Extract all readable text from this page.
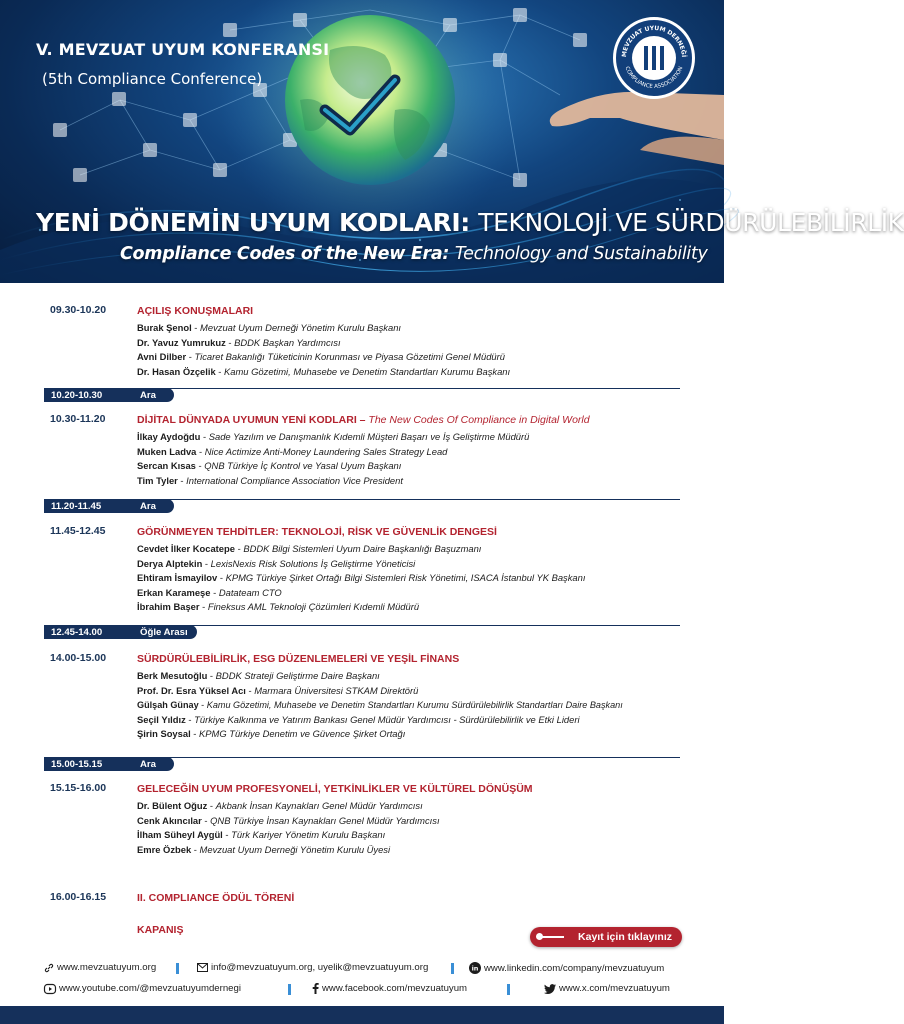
V. MEVZUAT UYUM KONFERANSI
(5th Compliance Conference)
MEVZUAT UYUM DERNEĞİ
COMPLIANCE ASSOCIATION
YENİ DÖNEMİN UYUM KODLARI: TEKNOLOJİ VE SÜRDÜRÜLEBİLİRLİK
Compliance Codes of the New Era: Technology and Sustainability
09.30-10.20	AÇILIŞ KONUŞMALARI
Burak Şenol - Mevzuat Uyum Derneği Yönetim Kurulu Başkanı
Dr. Yavuz Yumrukuz - BDDK Başkan Yardımcısı
Avni Dilber - Ticaret Bakanlığı Tüketicinin Korunması ve Piyasa Gözetimi Genel Müdürü
Dr. Hasan Özçelik - Kamu Gözetimi, Muhasebe ve Denetim Standartları Kurumu Başkanı
10.20-10.30	Ara
10.30-11.20	DİJİTAL DÜNYADA UYUMUN YENİ KODLARI – The New Codes Of Compliance in Digital World
İlkay Aydoğdu - Sade Yazılım ve Danışmanlık Kıdemli Müşteri Başarı ve İş Geliştirme Müdürü
Muken Ladva - Nice Actimize Anti-Money Laundering Sales Strategy Lead
Sercan Kısas - QNB Türkiye İç Kontrol ve Yasal Uyum Başkanı
Tim Tyler - International Compliance Association Vice President
11.20-11.45	Ara
11.45-12.45	GÖRÜNMEYEN TEHDİTLER: TEKNOLOJİ, RİSK VE GÜVENLİK DENGESİ
Cevdet İlker Kocatepe - BDDK Bilgi Sistemleri Uyum Daire Başkanlığı Başuzmanı
Derya Alptekin - LexisNexis Risk Solutions İş Geliştirme Yöneticisi
Ehtiram İsmayilov - KPMG Türkiye Şirket Ortağı Bilgi Sistemleri Risk Yönetimi, ISACA İstanbul YK Başkanı
Erkan Karameşe - Datateam CTO
İbrahim Başer - Fineksus AML Teknoloji Çözümleri Kıdemli Müdürü
12.45-14.00	Öğle Arası
14.00-15.00	SÜRDÜRÜLEBİLİRLİK, ESG DÜZENLEMELERİ VE YEŞİL FİNANS
Berk Mesutoğlu - BDDK Strateji Geliştirme Daire Başkanı
Prof. Dr. Esra Yüksel Acı - Marmara Üniversitesi STKAM Direktörü
Gülşah Günay - Kamu Gözetimi, Muhasebe ve Denetim Standartları Kurumu Sürdürülebilirlik Standartları Daire Başkanı
Seçil Yıldız - Türkiye Kalkınma ve Yatırım Bankası Genel Müdür Yardımcısı - Sürdürülebilirlik ve Etki Lideri
Şirin Soysal - KPMG Türkiye Denetim ve Güvence Şirket Ortağı
15.00-15.15	Ara
15.15-16.00	GELECEĞİN UYUM PROFESYONELİ, YETKİNLİKLER VE KÜLTÜREL DÖNÜŞÜM
Dr. Bülent Oğuz - Akbank İnsan Kaynakları Genel Müdür Yardımcısı
Cenk Akıncılar - QNB Türkiye İnsan Kaynakları Genel Müdür Yardımcısı
İlham Süheyl Aygül - Türk Kariyer Yönetim Kurulu Başkanı
Emre Özbek - Mevzuat Uyum Derneği Yönetim Kurulu Üyesi
16.00-16.15	II. COMPLIANCE ÖDÜL TÖRENİ
KAPANIŞ
Kayıt için tıklayınız
www.mevzuatuyum.org	info@mevzuatuyum.org, uyelik@mevzuatuyum.org	in www.linkedin.com/company/mevzuatuyum
www.youtube.com/@mevzuatuyumdernegi	www.facebook.com/mevzuatuyum	www.x.com/mevzuatuyum
